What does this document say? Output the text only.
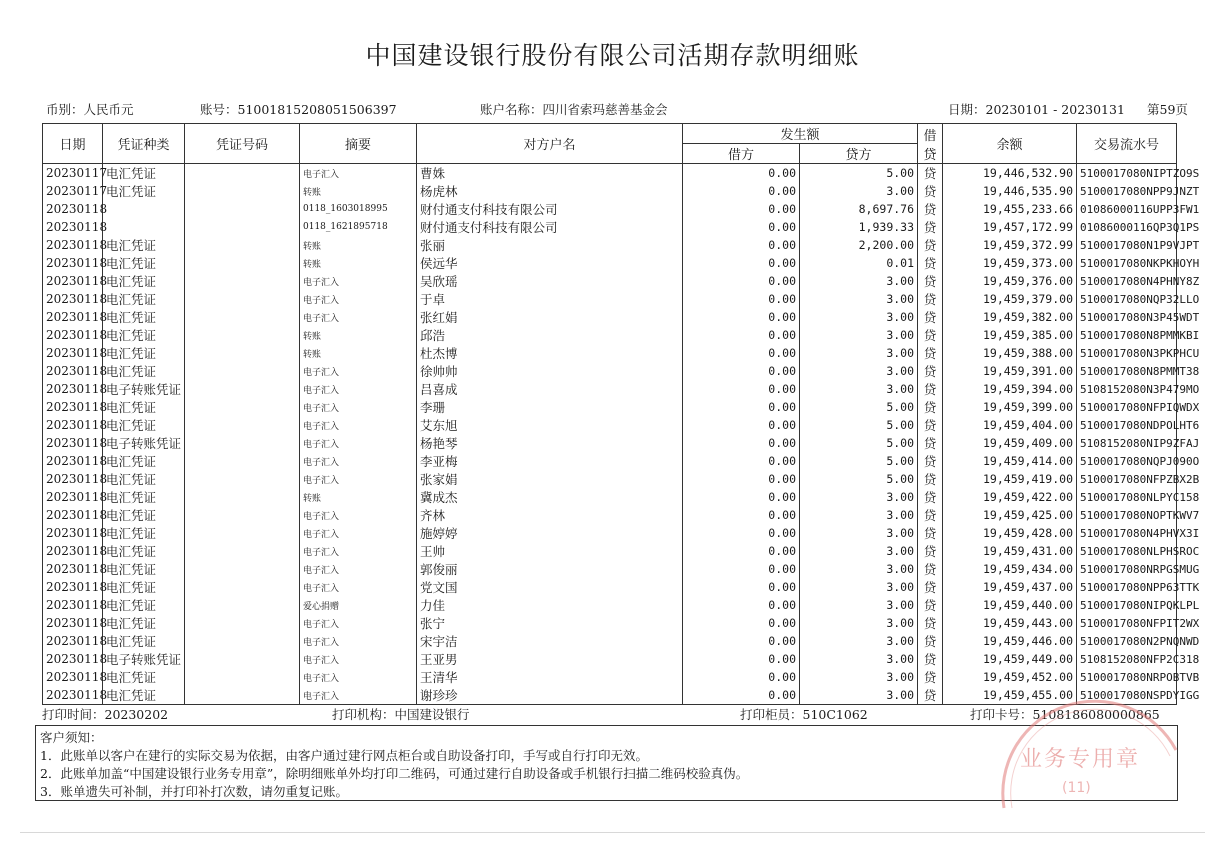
中国建设银行股份有限公司活期存款明细账
币别：人民币元	账号：51001815208051506397	账户名称：四川省索玛慈善基金会	日期：20230101 - 20230131 第59页
日期	凭证种类	凭证号码	摘要	对方户名	发生额		借贷	余额	交易流水号
					借方	贷方			
20230117	电汇凭证		电子汇入	曹姝	0.00	5.00	贷	19,446,532.90	5100017080NIPTZO9S
20230117	电汇凭证		转账	杨虎林	0.00	3.00	贷	19,446,535.90	5100017080NPP9JNZT
20230118			0118_1603018995	财付通支付科技有限公司	0.00	8,697.76	贷	19,455,233.66	01086000116UPP3FW1
20230118			0118_1621895718	财付通支付科技有限公司	0.00	1,939.33	贷	19,457,172.99	01086000116QP3Q1PS
20230118	电汇凭证		转账	张丽	0.00	2,200.00	贷	19,459,372.99	5100017080N1P9VJPT
20230118	电汇凭证		转账	侯远华	0.00	0.01	贷	19,459,373.00	5100017080NKPKHOYH
20230118	电汇凭证		电子汇入	吴欣瑶	0.00	3.00	贷	19,459,376.00	5100017080N4PHNY8Z
20230118	电汇凭证		电子汇入	于卓	0.00	3.00	贷	19,459,379.00	5100017080NQP32LLO
20230118	电汇凭证		电子汇入	张红娟	0.00	3.00	贷	19,459,382.00	5100017080N3P45WDT
20230118	电汇凭证		转账	邱浩	0.00	3.00	贷	19,459,385.00	5100017080N8PMMKBI
20230118	电汇凭证		转账	杜杰博	0.00	3.00	贷	19,459,388.00	5100017080N3PKPHCU
20230118	电汇凭证		电子汇入	徐帅帅	0.00	3.00	贷	19,459,391.00	5100017080N8PMMT38
20230118	电子转账凭证		电子汇入	吕喜成	0.00	3.00	贷	19,459,394.00	5108152080N3P479MO
20230118	电汇凭证		电子汇入	李珊	0.00	5.00	贷	19,459,399.00	5100017080NFPIQWDX
20230118	电汇凭证		电子汇入	艾东旭	0.00	5.00	贷	19,459,404.00	5100017080NDPOLHT6
20230118	电子转账凭证		电子汇入	杨艳琴	0.00	5.00	贷	19,459,409.00	5108152080NIP9ZFAJ
20230118	电汇凭证		电子汇入	李亚梅	0.00	5.00	贷	19,459,414.00	5100017080NQPJ090O
20230118	电汇凭证		电子汇入	张家娟	0.00	5.00	贷	19,459,419.00	5100017080NFPZBX2B
20230118	电汇凭证		转账	冀成杰	0.00	3.00	贷	19,459,422.00	5100017080NLPYC158
20230118	电汇凭证		电子汇入	齐林	0.00	3.00	贷	19,459,425.00	5100017080NOPTKWV7
20230118	电汇凭证		电子汇入	施婷婷	0.00	3.00	贷	19,459,428.00	5100017080N4PHVX3I
20230118	电汇凭证		电子汇入	王帅	0.00	3.00	贷	19,459,431.00	5100017080NLPHSROC
20230118	电汇凭证		电子汇入	郭俊丽	0.00	3.00	贷	19,459,434.00	5100017080NRPGSMUG
20230118	电汇凭证		电子汇入	党文国	0.00	3.00	贷	19,459,437.00	5100017080NPP63TTK
20230118	电汇凭证		爱心捐赠	力佳	0.00	3.00	贷	19,459,440.00	5100017080NIPQKLPL
20230118	电汇凭证		电子汇入	张宁	0.00	3.00	贷	19,459,443.00	5100017080NFPIT2WX
20230118	电汇凭证		电子汇入	宋宇洁	0.00	3.00	贷	19,459,446.00	5100017080N2PNQNWD
20230118	电子转账凭证		电子汇入	王亚男	0.00	3.00	贷	19,459,449.00	5108152080NFP2C318
20230118	电汇凭证		电子汇入	王清华	0.00	3.00	贷	19,459,452.00	5100017080NRPOBTVB
20230118	电汇凭证		电子汇入	谢珍珍	0.00	3.00	贷	19,459,455.00	5100017080NSPDYIGG
打印时间：20230202	打印机构：中国建设银行	打印柜员：510C1062	打印卡号：5108186080000865
客户须知：
1．此账单以客户在建行的实际交易为依据，由客户通过建行网点柜台或自助设备打印，手写或自行打印无效。
2．此账单加盖“中国建设银行业务专用章”，除明细账单外均打印二维码，可通过建行自助设备或手机银行扫描二维码校验真伪。
3．账单遗失可补制，并打印补打次数，请勿重复记账。
业务专用章
(11)
